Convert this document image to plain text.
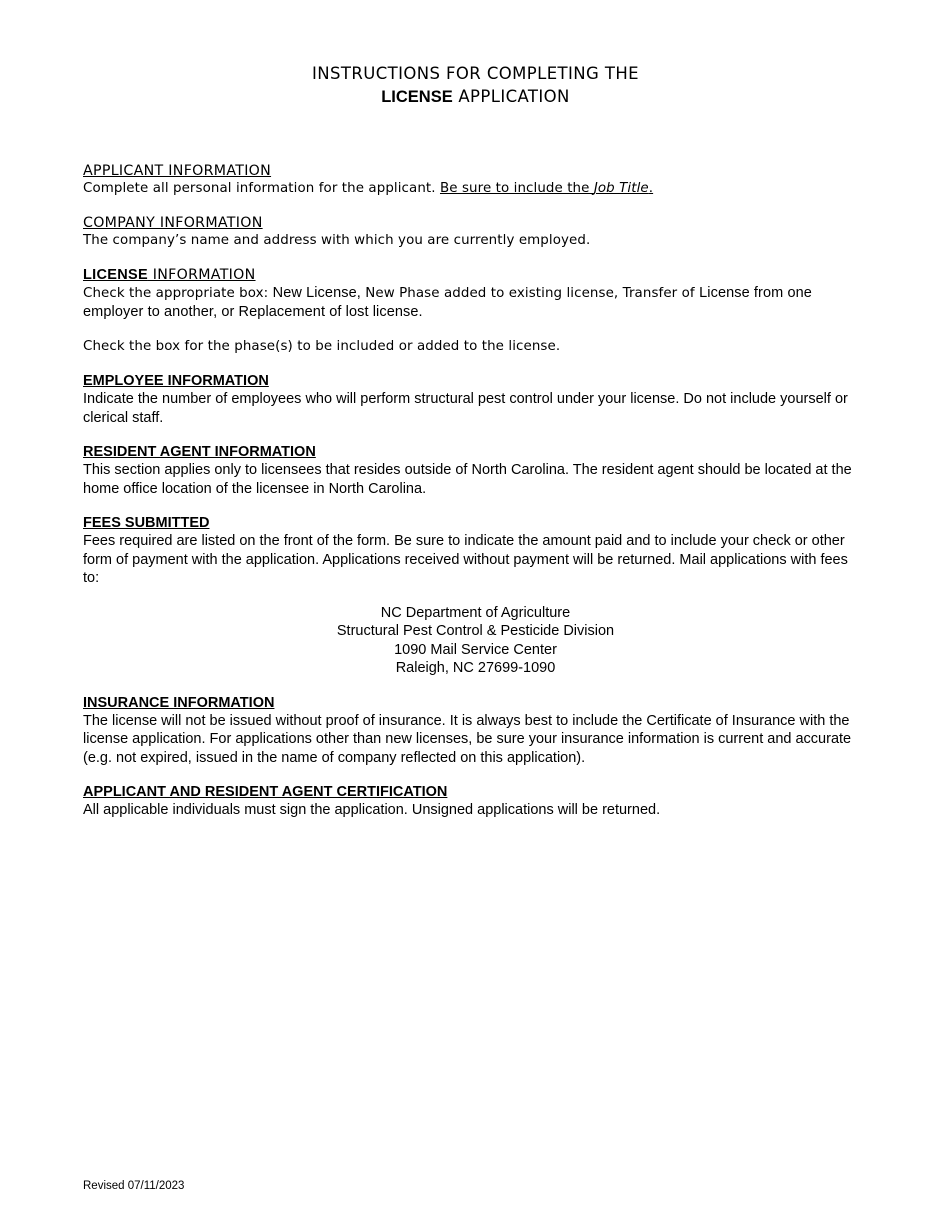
INSTRUCTIONS FOR COMPLETING THE
LICENSE APPLICATION
APPLICANT INFORMATION
Complete all personal information for the applicant. Be sure to include the Job Title.
COMPANY INFORMATION
The company’s name and address with which you are currently employed.
LICENSE INFORMATION
Check the appropriate box: New License, New Phase added to existing license, Transfer of License from one employer to another, or Replacement of lost license.
Check the box for the phase(s) to be included or added to the license.
EMPLOYEE INFORMATION
Indicate the number of employees who will perform structural pest control under your license. Do not include yourself or clerical staff.
RESIDENT AGENT INFORMATION
This section applies only to licensees that resides outside of North Carolina. The resident agent should be located at the home office location of the licensee in North Carolina.
FEES SUBMITTED
Fees required are listed on the front of the form. Be sure to indicate the amount paid and to include your check or other form of payment with the application. Applications received without payment will be returned. Mail applications with fees to:
NC Department of Agriculture
Structural Pest Control & Pesticide Division
1090 Mail Service Center
Raleigh, NC 27699-1090
INSURANCE INFORMATION
The license will not be issued without proof of insurance. It is always best to include the Certificate of Insurance with the license application. For applications other than new licenses, be sure your insurance information is current and accurate (e.g. not expired, issued in the name of company reflected on this application).
APPLICANT AND RESIDENT AGENT CERTIFICATION
All applicable individuals must sign the application. Unsigned applications will be returned.
Revised 07/11/2023
